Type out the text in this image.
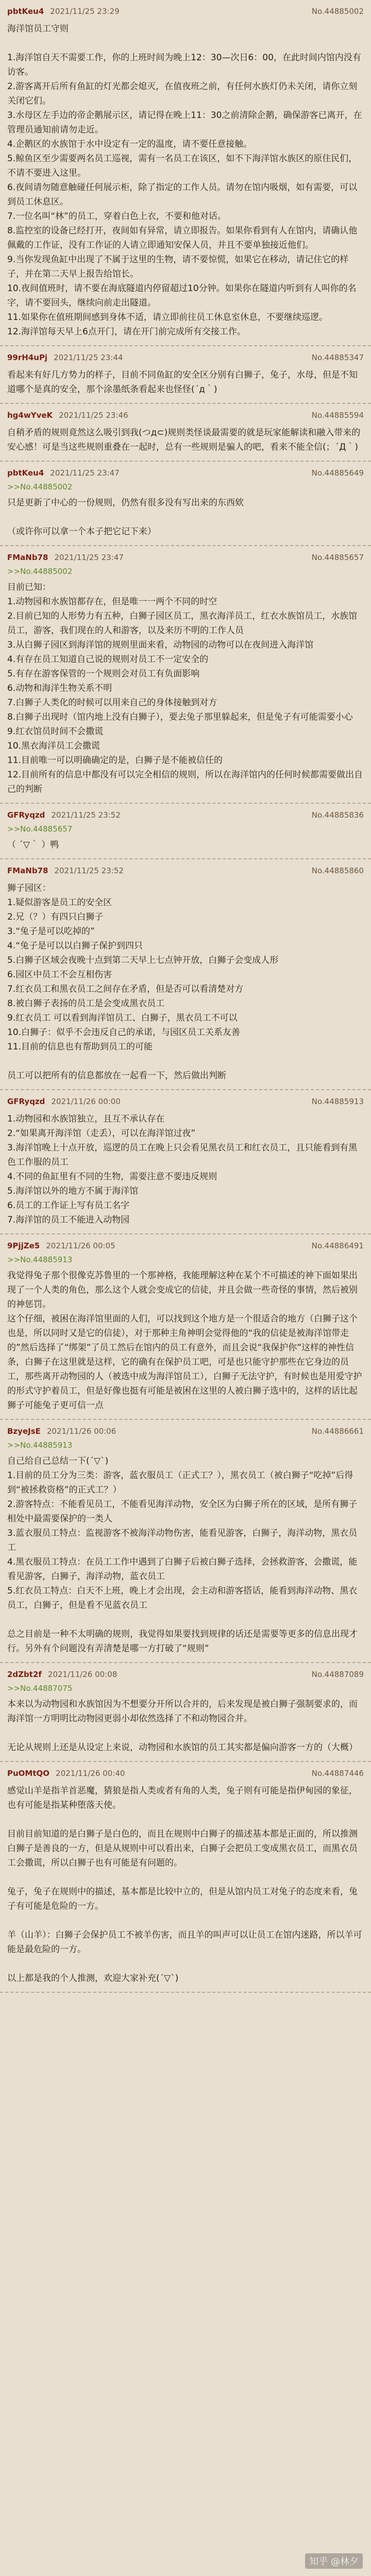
pbtKeu4 2021/11/25 23:29	No.44885002
海洋馆员工守则

1.海洋馆自天不需要工作，你的上班时间为晚上12：30—次日6：00，在此时间内馆内没有访客。
2.游客离开后所有鱼缸的灯光都会熄灭，在值夜班之前，有任何水族灯仍未关闭，请你立刻关闭它们。
3.水母区左手边的帝企鹅展示区，请记得在晚上11：30之前清除企鹅，确保游客已离开，在管理员通知前请勿走近。
4.企鹅区的水族馆于水中设定有一定的温度，请不要任意接触。
5.鲸鱼区至少需要两名员工巡视，需有一名员工在该区，如不下海洋馆水族区的原住民们，不请不要进入这里。
6.夜间请勿随意触碰任何展示柜，除了指定的工作人员。请勿在馆内吸烟，如有需要，可以到员工休息区。
7.一位名叫“林”的员工，穿着白色上衣，不要和他对话。
8.监控室的设备已经打开，夜间如有异常，请立即报告。如果你看到有人在馆内，请确认他佩戴的工作证，没有工作证的人请立即通知安保人员，并且不要单独接近他们。
9.当你发现鱼缸中出现了不属于这里的生物，请不要惊慌，如果它在移动，请记住它的样子，并在第二天早上报告给馆长。
10.夜间值班时，请不要在海底隧道内停留超过10分钟。如果你在隧道内听到有人叫你的名字，请不要回头，继续向前走出隧道。
11.如果你在值班期间感到身体不适，请立即前往员工休息室休息，不要继续巡逻。
12.海洋馆每天早上6点开门，请在开门前完成所有交接工作。
99rH4uPj 2021/11/25 23:44	No.44885347
看起来有好几方势力的样子，目前不同鱼缸的安全区分别有白狮子，兔子，水母，但是不知道哪个是真的安全，那个涂墨纸条看起来也怪怪(´д｀)
hg4wYveK 2021/11/25 23:46	No.44885594
自稍矛盾的规则竟然这么吸引到我(つд⊂)规则类怪谈最需要的就是玩家能解读和融入带来的安心感！可是当这些规则重叠在一起时，总有一些规则是骗人的吧，看来不能全信(；´Д｀)
pbtKeu4 2021/11/25 23:47	No.44885649
>>No.44885002
只是更新了中心的一份规则，仍然有很多没有写出来的东西欸

（或许你可以拿一个本子把它记下来）
FMaNb78 2021/11/25 23:47	No.44885657
>>No.44885002
目前已知：
1.动物园和水族馆都存在，但是唯一一两个不同的时空
2.目前已知的人形势力有五种，白狮子园区员工，黑衣海洋员工，红衣水族馆员工，水族馆员工，游客，我们现在的人和游客，以及来历不明的工作人员
3.从白狮子园区到海洋馆的规则里面来看，动物园的动物可以在夜间进入海洋馆
4.有存在员工知道自己说的规则对员工不一定安全的
5.有存在游客保管的一个规则会对员工有负面影响
6.动物和海洋生物关系不明
7.白狮子人类化的时候可以用来自己的身体接触到对方
8.白狮子出现时（馆内地上没有白狮子），要去兔子那里躲起来，但是兔子有可能需要小心
9.红衣馆员时间不会撒谎
10.黑衣海洋员工会撒谎
11.目前唯一可以明确确定的是，白狮子是不能被信任的
12.目前所有的信息中都没有可以完全相信的规则，所以在海洋馆内的任何时候都需要做出自己的判断
GFRyqzd 2021/11/25 23:52	No.44885836
>>No.44885657
（ ´▽｀ ）鸭
FMaNb78 2021/11/25 23:52	No.44885860
狮子园区：
1.疑似游客是员工的安全区
2.兄（？）有四只白狮子
3.“兔子是可以吃掉的”
4.“兔子是可以以白狮子保护到四只
5.白狮子区域会夜晚十点到第二天早上七点钟开放，白狮子会变成人形
6.园区中员工不会互相伤害
7.红衣员工和黑衣员工之间存在矛盾，但是否可以看清楚对方
8.被白狮子表扬的员工是会变成黑衣员工
9.红衣员工 可以看到海洋馆员工、白狮子，黑衣员工不可以
10.白狮子：似乎不会违反自己的承诺，与园区员工关系友善
11.目前的信息也有帮助到员工的可能

员工可以把所有的信息都放在一起看一下，然后做出判断
GFRyqzd 2021/11/26 00:00	No.44885913
1.动物园和水族馆独立，且互不承认存在
2.“如果离开海洋馆（走丢），可以在海洋馆过夜”
3.海洋馆晚上十点开放，巡逻的员工在晚上只会看见黑衣员工和红衣员工，且只能看到有黑色工作服的员工
4.不同的鱼缸里有不同的生物，需要注意不要违反规则
5.海洋馆以外的地方不属于海洋馆
6.员工的工作证上写有员工名字
7.海洋馆的员工不能进入动物园
9PjjZe5 2021/11/26 00:05	No.44886491
>>No.44885913
我觉得兔子那个很像克苏鲁里的一个那神格，我能理解这种在某个不可描述的神下面如果出现了一个人类的角色，那么这个人就会变成它的信徒，并且会做一些奇怪的事情，然后被别的神惩罚。
这个仔细，被困在海洋馆里面的人们，可以找到这个地方是一个很适合的地方（白狮子这个也是，所以同时又是它的信徒），对于那种主角神明会觉得他的“我的信徒是被海洋馆带走的”然后选择了“绑架”了员工然后在馆内的员工有意外，而且会说“我保护你”这样的神性信条，白狮子在这里就是这样，它的确有在保护员工吧，可是也只能守护那些在它身边的员工，那些离开动物园的人（被选中成为海洋馆员工），白狮子无法守护，有时候也是用爱守护的形式守护着员工，但是好像也挺有可能是被困在这里的人被白狮子选中的，这样的话比起狮子可能兔子更可信一点
BzyeJsE 2021/11/26 00:06	No.44886661
>>No.44885913
自己给自己总结一下(´▽`)
1.目前的员工分为三类：游客，蓝衣服员工（正式工？），黑衣员工（被白狮子“吃掉”后得到“被拯救资格”的正式工？）
2.游客特点：不能看见员工，不能看见海洋动物，安全区为白狮子所在的区域，是所有狮子相处中最需要保护的一类人
3.蓝衣服员工特点：监视游客不被海洋动物伤害，能看见游客，白狮子，海洋动物，黑衣员工
4.黑衣服员工特点：在员工工作中遇到了白狮子后被白狮子选择，会拯救游客，会撒谎，能看见游客，白狮子，海洋动物，蓝衣员工
5.红衣员工特点：白天不上班，晚上才会出现，会主动和游客搭话，能看到海洋动物、黑衣员工，白狮子，但是看不见蓝衣员工

总之目前是一种不太明确的规则，我觉得如果要找到规律的话还是需要等更多的信息出现才行。另外有个问题没有弄清楚是哪一方打破了“规则”
2dZbt2f 2021/11/26 00:08	No.44887089
>>No.44887075
本来以为动物园和水族馆因为不想要分开所以合并的，后来发现是被白狮子强制要求的，而海洋馆一方明明比动物园更弱小却依然选择了不和动物园合并。

无论从规则上还是从设定上来说，动物园和水族馆的员工其实都是偏向游客一方的（大概）
PuOMtQO 2021/11/26 00:40	No.44887446
感觉山羊是指羊首恶魔，猜狼是指人类或者有角的人类，兔子则有可能是指伊甸园的象征，也有可能是指某种堕落天使。

目前目前知道的是白狮子是白色的，而且在规则中白狮子的描述基本都是正面的，所以推测白狮子是善良的一方，但是从规则中可以看出来，白狮子会把员工变成黑衣员工，而黑衣员工会撒谎，所以白狮子也有可能是有问题的。

兔子，兔子在规则中的描述，基本都是比较中立的，但是从馆内员工对兔子的态度来看，兔子有可能是危险的一方。

羊（山羊）：白狮子会保护员工不被羊伤害，而且羊的叫声可以让员工在馆内迷路，所以羊可能是最危险的一方。

以上都是我的个人推测，欢迎大家补充(´▽`)
知乎 @林夕
